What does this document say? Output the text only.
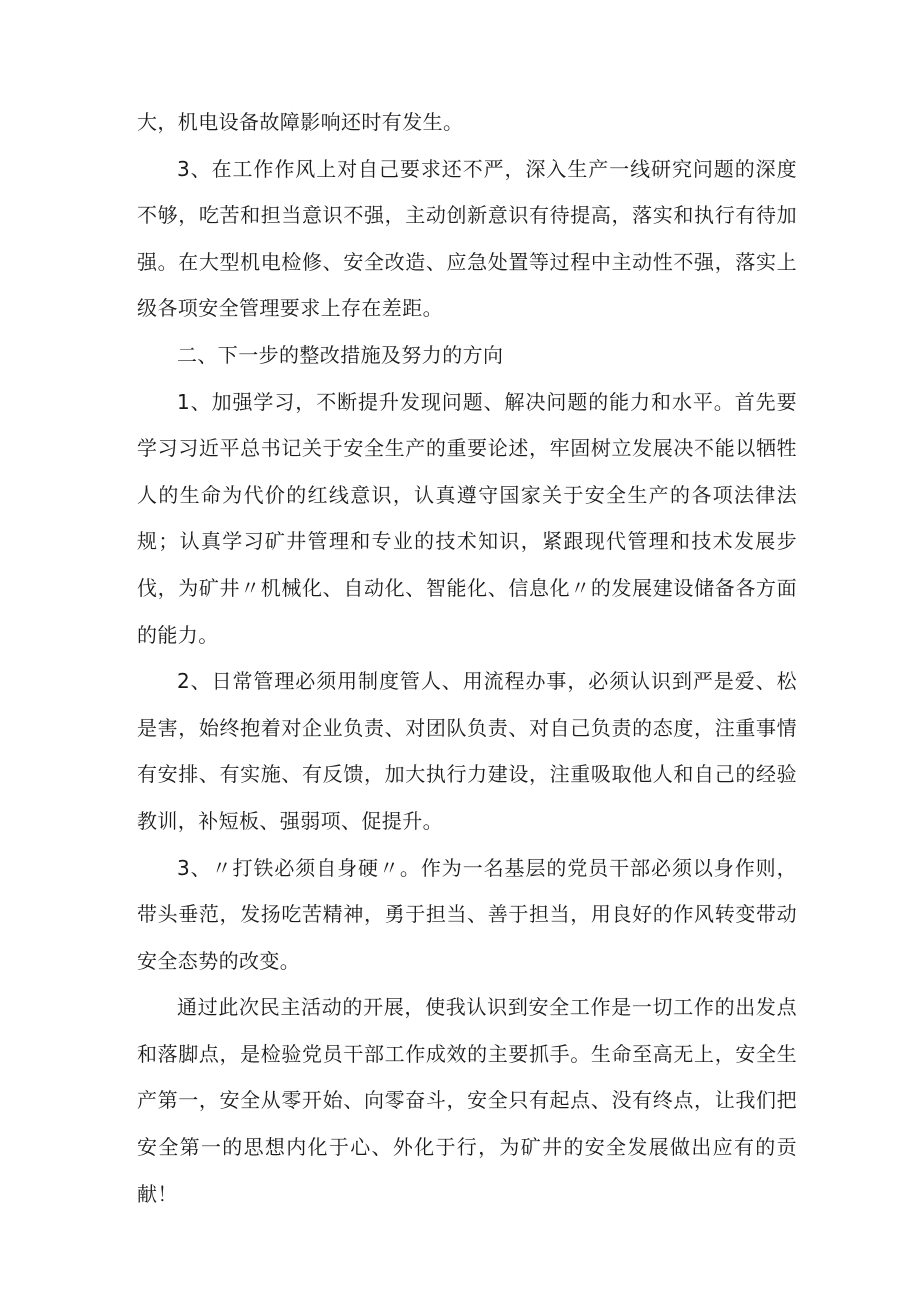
大，机电设备故障影响还时有发生。

3、在工作作风上对自己要求还不严，深入生产一线研究问题的深度不够，吃苦和担当意识不强，主动创新意识有待提高，落实和执行有待加强。在大型机电检修、安全改造、应急处置等过程中主动性不强，落实上级各项安全管理要求上存在差距。

二、下一步的整改措施及努力的方向

1、加强学习，不断提升发现问题、解决问题的能力和水平。首先要学习习近平总书记关于安全生产的重要论述，牢固树立发展决不能以牺牲人的生命为代价的红线意识，认真遵守国家关于安全生产的各项法律法规；认真学习矿井管理和专业的技术知识，紧跟现代管理和技术发展步伐，为矿井〃机械化、自动化、智能化、信息化〃的发展建设储备各方面的能力。

2、日常管理必须用制度管人、用流程办事，必须认识到严是爱、松是害，始终抱着对企业负责、对团队负责、对自己负责的态度，注重事情有安排、有实施、有反馈，加大执行力建设，注重吸取他人和自己的经验教训，补短板、强弱项、促提升。

3、〃打铁必须自身硬〃。作为一名基层的党员干部必须以身作则，带头垂范，发扬吃苦精神，勇于担当、善于担当，用良好的作风转变带动安全态势的改变。

通过此次民主活动的开展，使我认识到安全工作是一切工作的出发点和落脚点，是检验党员干部工作成效的主要抓手。生命至高无上，安全生产第一，安全从零开始、向零奋斗，安全只有起点、没有终点，让我们把安全第一的思想内化于心、外化于行，为矿井的安全发展做出应有的贡献！
